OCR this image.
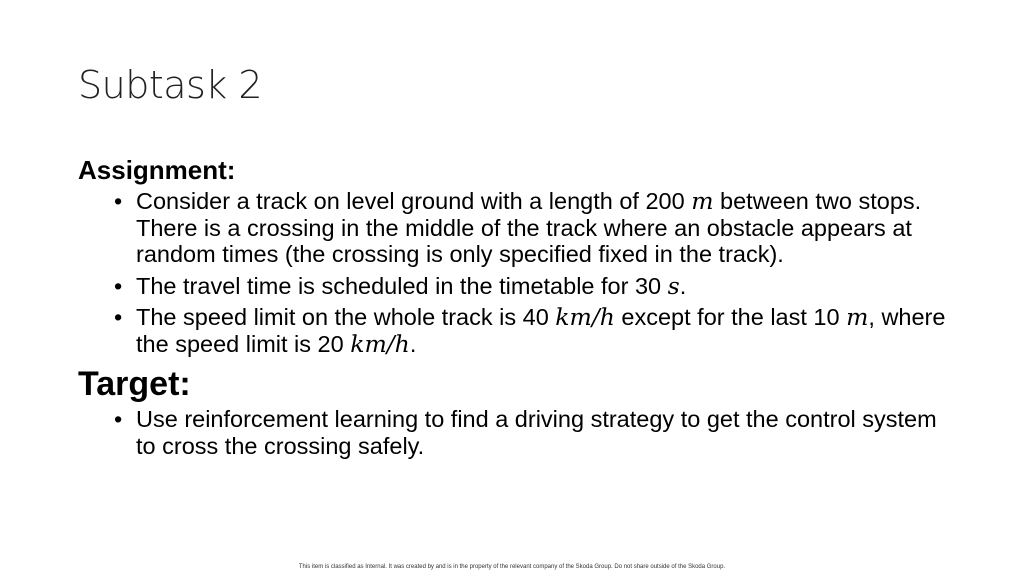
Subtask 2
Assignment:
• Consider a track on level ground with a length of 200 m between two stops. There is a crossing in the middle of the track where an obstacle appears at random times (the crossing is only specified fixed in the track).
• The travel time is scheduled in the timetable for 30 s.
• The speed limit on the whole track is 40 km/h except for the last 10 m, where the speed limit is 20 km/h.
Target:
• Use reinforcement learning to find a driving strategy to get the control system to cross the crossing safely.
This item is classified as Internal. It was created by and is in the property of the relevant company of the Skoda Group. Do not share outside of the Skoda Group.
